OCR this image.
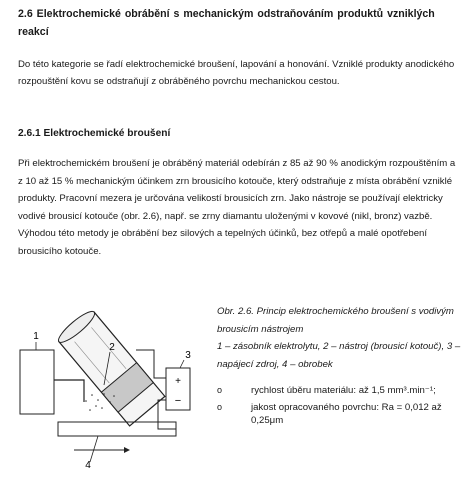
2.6 Elektrochemické obrábění s mechanickým odstraňováním produktů vzniklých reakcí
Do této kategorie se řadí elektrochemické broušení, lapování a honování. Vzniklé produkty anodického rozpouštění kovu se odstraňují z obráběného povrchu mechanickou cestou.
2.6.1 Elektrochemické broušení
Při elektrochemickém broušení je obráběný materiál odebírán z 85 až 90 % anodickým rozpouštěním a z 10 až 15 % mechanickým účinkem zrn brousicího kotouče, který odstraňuje z místa obrábění vzniklé produkty. Pracovní mezera je určována velikostí brousicích zrn. Jako nástroje se používají elektricky vodivé brousicí kotouče (obr. 2.6), např. se zrny diamantu uloženými v kovové (nikl, bronz) vazbě. Výhodou této metody je obrábění bez silových a tepelných účinků, bez otřepů a malé opotřebení brousicího kotouče.
+
−
1
2
3
4
Obr. 2.6. Princip elektrochemického broušení s vodivým brousicím nástrojem
1 – zásobník elektrolytu, 2 – nástroj (brousicí kotouč), 3 – napájecí zdroj, 4 – obrobek
o	rychlost úběru materiálu: až 1,5 mm³.min⁻¹;
o	jakost opracovaného povrchu: Ra = 0,012 až 0,25μm
